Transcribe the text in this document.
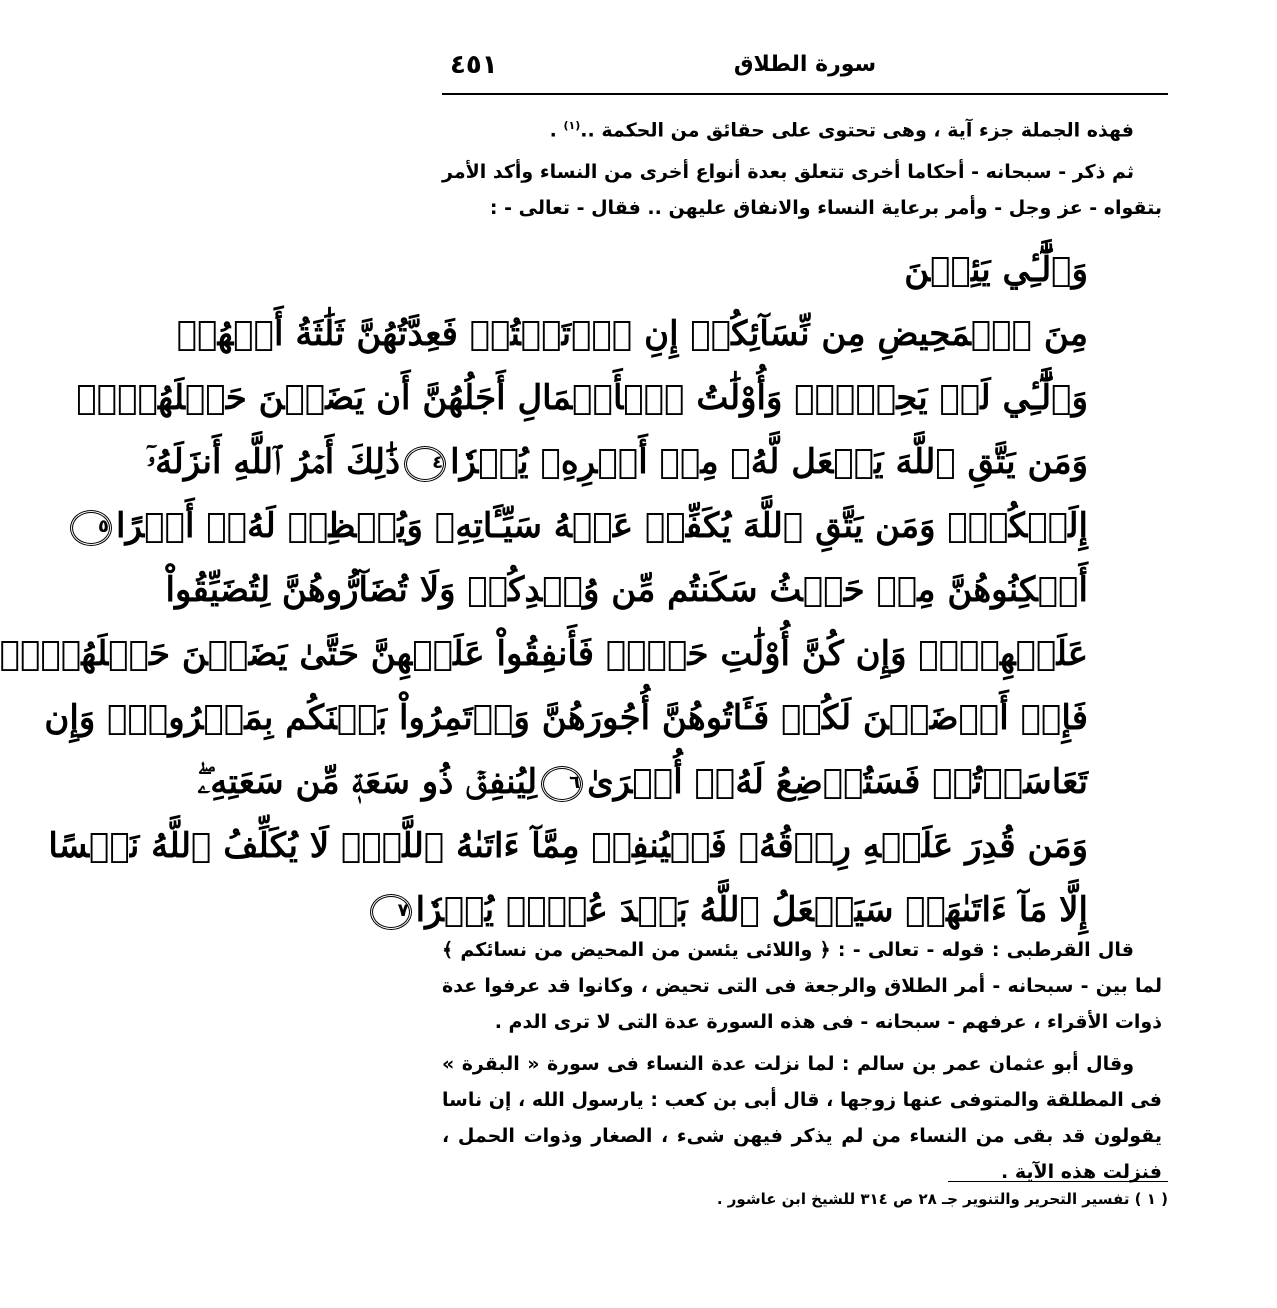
٤٥١	سورة الطلاق

فهذه الجملة جزء آية ، وهى تحتوى على حقائق من الحكمة ..$^{(١)}$ .

ثم ذكر - سبحانه - أحكاما أخرى تتعلق بعدة أنواع أخرى من النساء وأكد الأمر بتقواه - عز وجل - وأمر برعاية النساء والانفاق عليهن .. فقال - تعالى - :

وَٱلَّٰٓـِٔي يَئِسۡنَ
مِنَ ٱلۡمَحِيضِ مِن نِّسَآئِكُمۡ إِنِ ٱرۡتَبۡتُمۡ فَعِدَّتُهُنَّ ثَلَٰثَةُ أَشۡهُرٖ
وَٱلَّٰٓـِٔي لَمۡ يَحِضۡنَۚ وَأُوْلَٰتُ ٱلۡأَحۡمَالِ أَجَلُهُنَّ أَن يَضَعۡنَ حَمۡلَهُنَّۚ
وَمَن يَتَّقِ ٱللَّهَ يَجۡعَل لَّهُۥ مِنۡ أَمۡرِهِۦ يُسۡرٗا٤ذَٰلِكَ أَمۡرُ ٱللَّهِ أَنزَلَهُۥٓ
إِلَيۡكُمۡۚ وَمَن يَتَّقِ ٱللَّهَ يُكَفِّرۡ عَنۡهُ سَيِّـَٔاتِهِۦ وَيُعۡظِمۡ لَهُۥٓ أَجۡرًا٥
أَسۡكِنُوهُنَّ مِنۡ حَيۡثُ سَكَنتُم مِّن وُجۡدِكُمۡ وَلَا تُضَآرُّوهُنَّ لِتُضَيِّقُواْ
عَلَيۡهِنَّۚ وَإِن كُنَّ أُوْلَٰتِ حَمۡلٖ فَأَنفِقُواْ عَلَيۡهِنَّ حَتَّىٰ يَضَعۡنَ حَمۡلَهُنَّۚ
فَإِنۡ أَرۡضَعۡنَ لَكُمۡ فَـَٔاتُوهُنَّ أُجُورَهُنَّ وَأۡتَمِرُواْ بَيۡنَكُم بِمَعۡرُوفٖۖ وَإِن
تَعَاسَرۡتُمۡ فَسَتُرۡضِعُ لَهُۥٓ أُخۡرَىٰ٦لِيُنفِقۡ ذُو سَعَةٖ مِّن سَعَتِهِۦۖ
وَمَن قُدِرَ عَلَيۡهِ رِزۡقُهُۥ فَلۡيُنفِقۡ مِمَّآ ءَاتَىٰهُ ٱللَّهُۚ لَا يُكَلِّفُ ٱللَّهُ نَفۡسًا
إِلَّا مَآ ءَاتَىٰهَاۚ سَيَجۡعَلُ ٱللَّهُ بَعۡدَ عُسۡرٖ يُسۡرٗا٧

قال القرطبى : قوله - تعالى - : ﴿ واللائى يئسن من المحيض من نسائكم ﴾ لما بين - سبحانه - أمر الطلاق والرجعة فى التى تحيض ، وكانوا قد عرفوا عدة ذوات الأقراء ، عرفهم - سبحانه - فى هذه السورة عدة التى لا ترى الدم .

وقال أبو عثمان عمر بن سالم : لما نزلت عدة النساء فى سورة « البقرة » فى المطلقة والمتوفى عنها زوجها ، قال أبى بن كعب : يارسول الله ، إن ناسا يقولون قد بقى من النساء من لم يذكر فيهن شىء ، الصغار وذوات الحمل ، فنزلت هذه الآية .

( ١ ) تفسير التحرير والتنوير جـ ٢٨ ص ٣١٤ للشيخ ابن عاشور .
